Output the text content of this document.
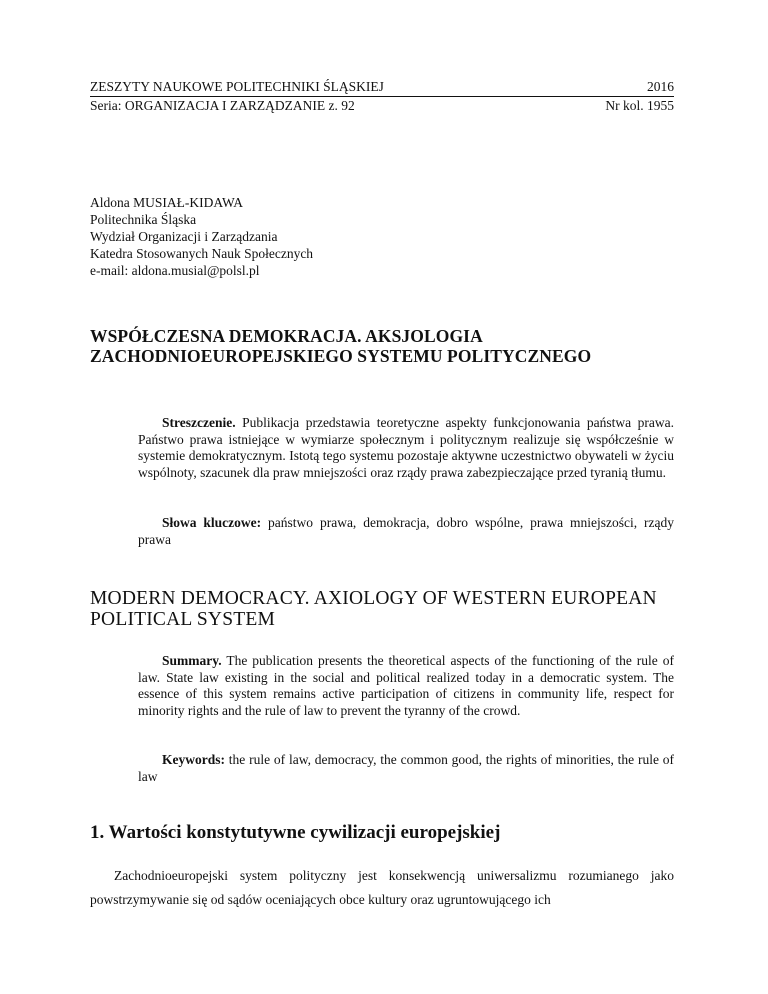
ZESZYTY NAUKOWE POLITECHNIKI ŚLĄSKIEJ	2016
Seria: ORGANIZACJA I ZARZĄDZANIE z. 92	Nr kol. 1955
Aldona MUSIAŁ-KIDAWA
Politechnika Śląska
Wydział Organizacji i Zarządzania
Katedra Stosowanych Nauk Społecznych
e-mail: aldona.musial@polsl.pl
WSPÓŁCZESNA DEMOKRACJA. AKSJOLOGIA
ZACHODNIOEUROPEJSKIEGO SYSTEMU POLITYCZNEGO

Streszczenie. Publikacja przedstawia teoretyczne aspekty funkcjonowania państwa prawa. Państwo prawa istniejące w wymiarze społecznym i politycznym realizuje się współcześnie w systemie demokratycznym. Istotą tego systemu pozostaje aktywne uczestnictwo obywateli w życiu wspólnoty, szacunek dla praw mniejszości oraz rządy prawa zabezpieczające przed tyranią tłumu.

Słowa kluczowe: państwo prawa, demokracja, dobro wspólne, prawa mniejszości, rządy prawa

MODERN DEMOCRACY. AXIOLOGY OF WESTERN EUROPEAN
POLITICAL SYSTEM

Summary. The publication presents the theoretical aspects of the functioning of the rule of law. State law existing in the social and political realized today in a democratic system. The essence of this system remains active participation of citizens in community life, respect for minority rights and the rule of law to prevent the tyranny of the crowd.

Keywords: the rule of law, democracy, the common good, the rights of minorities, the rule of law

1. Wartości konstytutywne cywilizacji europejskiej

Zachodnioeuropejski system polityczny jest konsekwencją uniwersalizmu rozumianego jako powstrzymywanie się od sądów oceniających obce kultury oraz ugruntowującego ich
